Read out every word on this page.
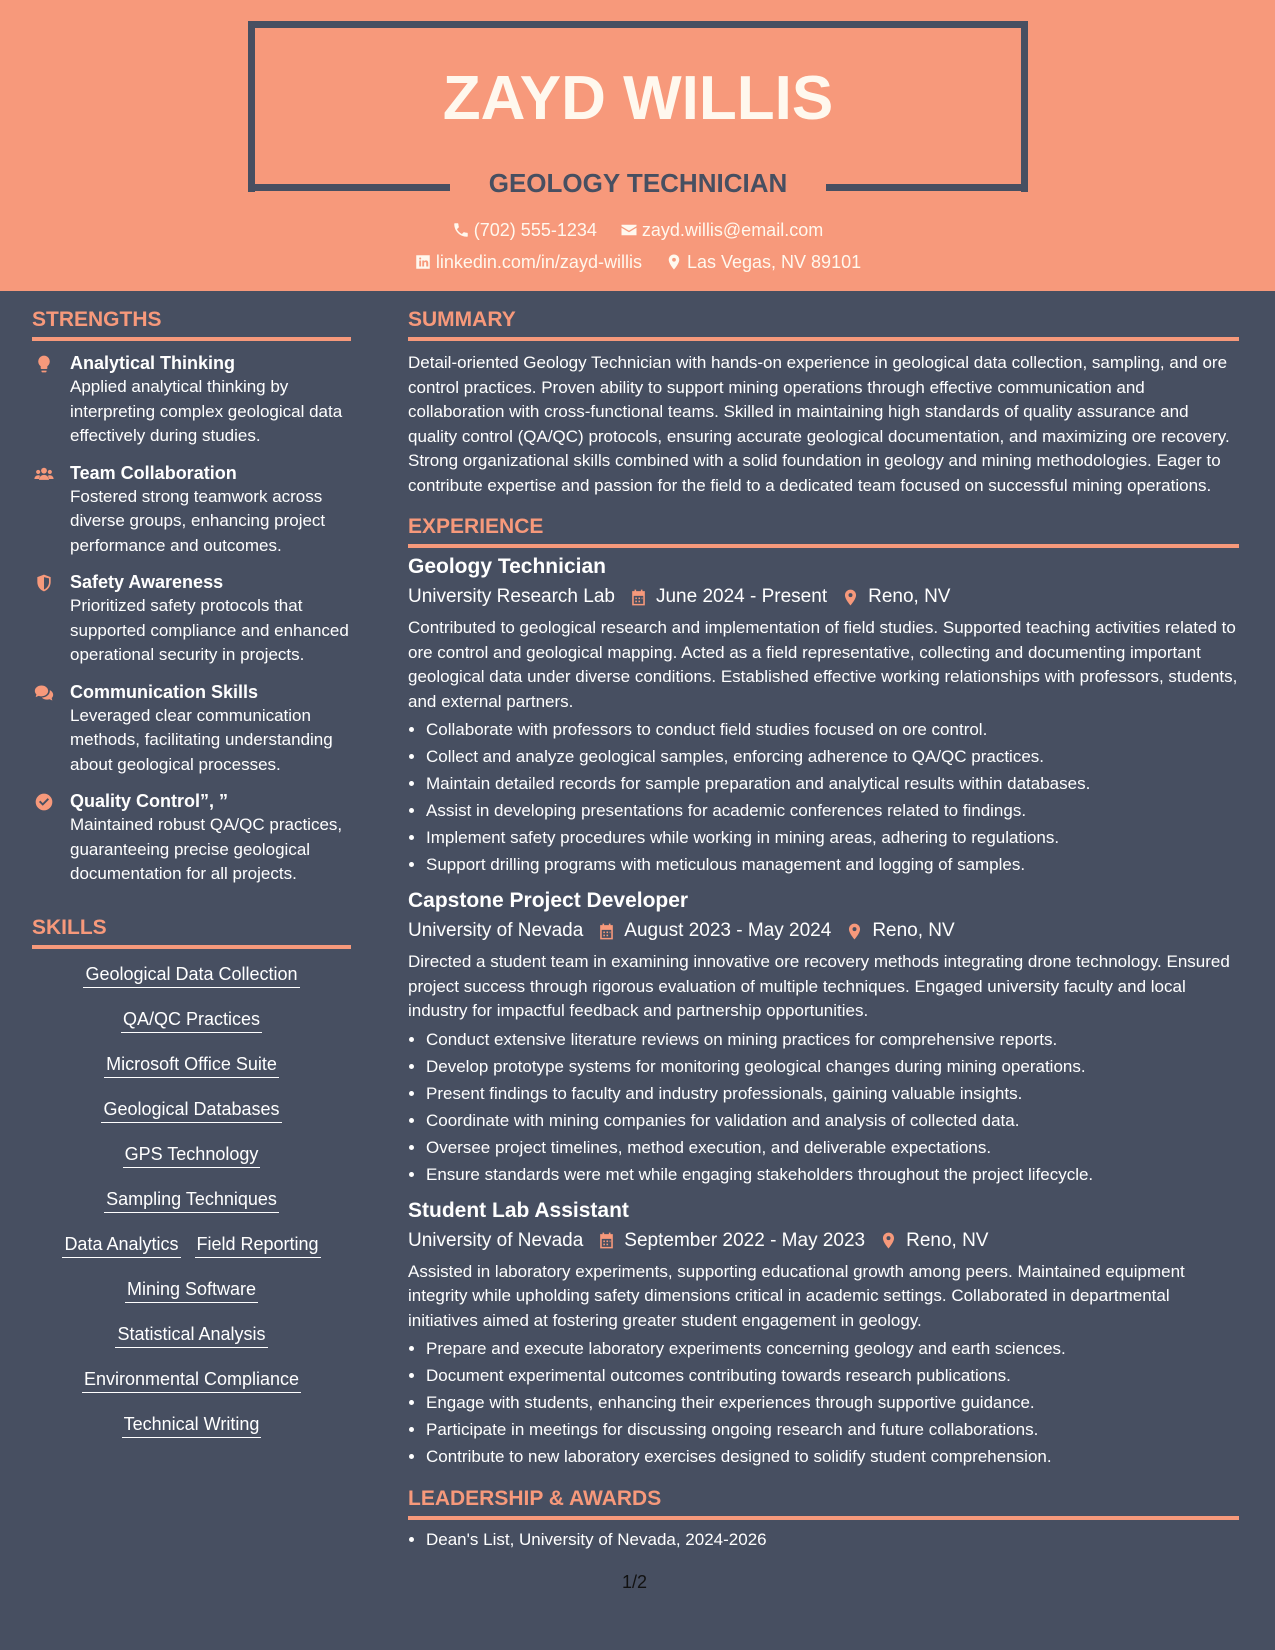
ZAYD WILLIS
GEOLOGY TECHNICIAN
(702) 555-1234
	zayd.willis@email.com
linkedin.com/in/zayd-willis
	Las Vegas, NV 89101
STRENGTHS
Analytical Thinking
Applied analytical thinking by interpreting complex geological data effectively during studies.
Team Collaboration
Fostered strong teamwork across diverse groups, enhancing project performance and outcomes.
Safety Awareness
Prioritized safety protocols that supported compliance and enhanced operational security in projects.
Communication Skills
Leveraged clear communication methods, facilitating understanding about geological processes.
Quality Control”, ”
Maintained robust QA/QC practices, guaranteeing precise geological documentation for all projects.
SKILLS
Geological Data Collection
QA/QC Practices
Microsoft Office Suite
Geological Databases
GPS Technology
Sampling Techniques
Data Analytics Field Reporting
Mining Software
Statistical Analysis
Environmental Compliance
Technical Writing
SUMMARY
Detail-oriented Geology Technician with hands-on experience in geological data collection, sampling, and ore control practices. Proven ability to support mining operations through effective communication and collaboration with cross-functional teams. Skilled in maintaining high standards of quality assurance and quality control (QA/QC) protocols, ensuring accurate geological documentation, and maximizing ore recovery. Strong organizational skills combined with a solid foundation in geology and mining methodologies. Eager to contribute expertise and passion for the field to a dedicated team focused on successful mining operations.
EXPERIENCE
Geology Technician
University Research Lab June 2024 - Present Reno, NV
Contributed to geological research and implementation of field studies. Supported teaching activities related to ore control and geological mapping. Acted as a field representative, collecting and documenting important geological data under diverse conditions. Established effective working relationships with professors, students, and external partners.
• Collaborate with professors to conduct field studies focused on ore control.
• Collect and analyze geological samples, enforcing adherence to QA/QC practices.
• Maintain detailed records for sample preparation and analytical results within databases.
• Assist in developing presentations for academic conferences related to findings.
• Implement safety procedures while working in mining areas, adhering to regulations.
• Support drilling programs with meticulous management and logging of samples.
Capstone Project Developer
University of Nevada August 2023 - May 2024 Reno, NV
Directed a student team in examining innovative ore recovery methods integrating drone technology. Ensured project success through rigorous evaluation of multiple techniques. Engaged university faculty and local industry for impactful feedback and partnership opportunities.
• Conduct extensive literature reviews on mining practices for comprehensive reports.
• Develop prototype systems for monitoring geological changes during mining operations.
• Present findings to faculty and industry professionals, gaining valuable insights.
• Coordinate with mining companies for validation and analysis of collected data.
• Oversee project timelines, method execution, and deliverable expectations.
• Ensure standards were met while engaging stakeholders throughout the project lifecycle.
Student Lab Assistant
University of Nevada September 2022 - May 2023 Reno, NV
Assisted in laboratory experiments, supporting educational growth among peers. Maintained equipment integrity while upholding safety dimensions critical in academic settings. Collaborated in departmental initiatives aimed at fostering greater student engagement in geology.
• Prepare and execute laboratory experiments concerning geology and earth sciences.
• Document experimental outcomes contributing towards research publications.
• Engage with students, enhancing their experiences through supportive guidance.
• Participate in meetings for discussing ongoing research and future collaborations.
• Contribute to new laboratory exercises designed to solidify student comprehension.
LEADERSHIP & AWARDS
• Dean's List, University of Nevada, 2024-2026
1/2
